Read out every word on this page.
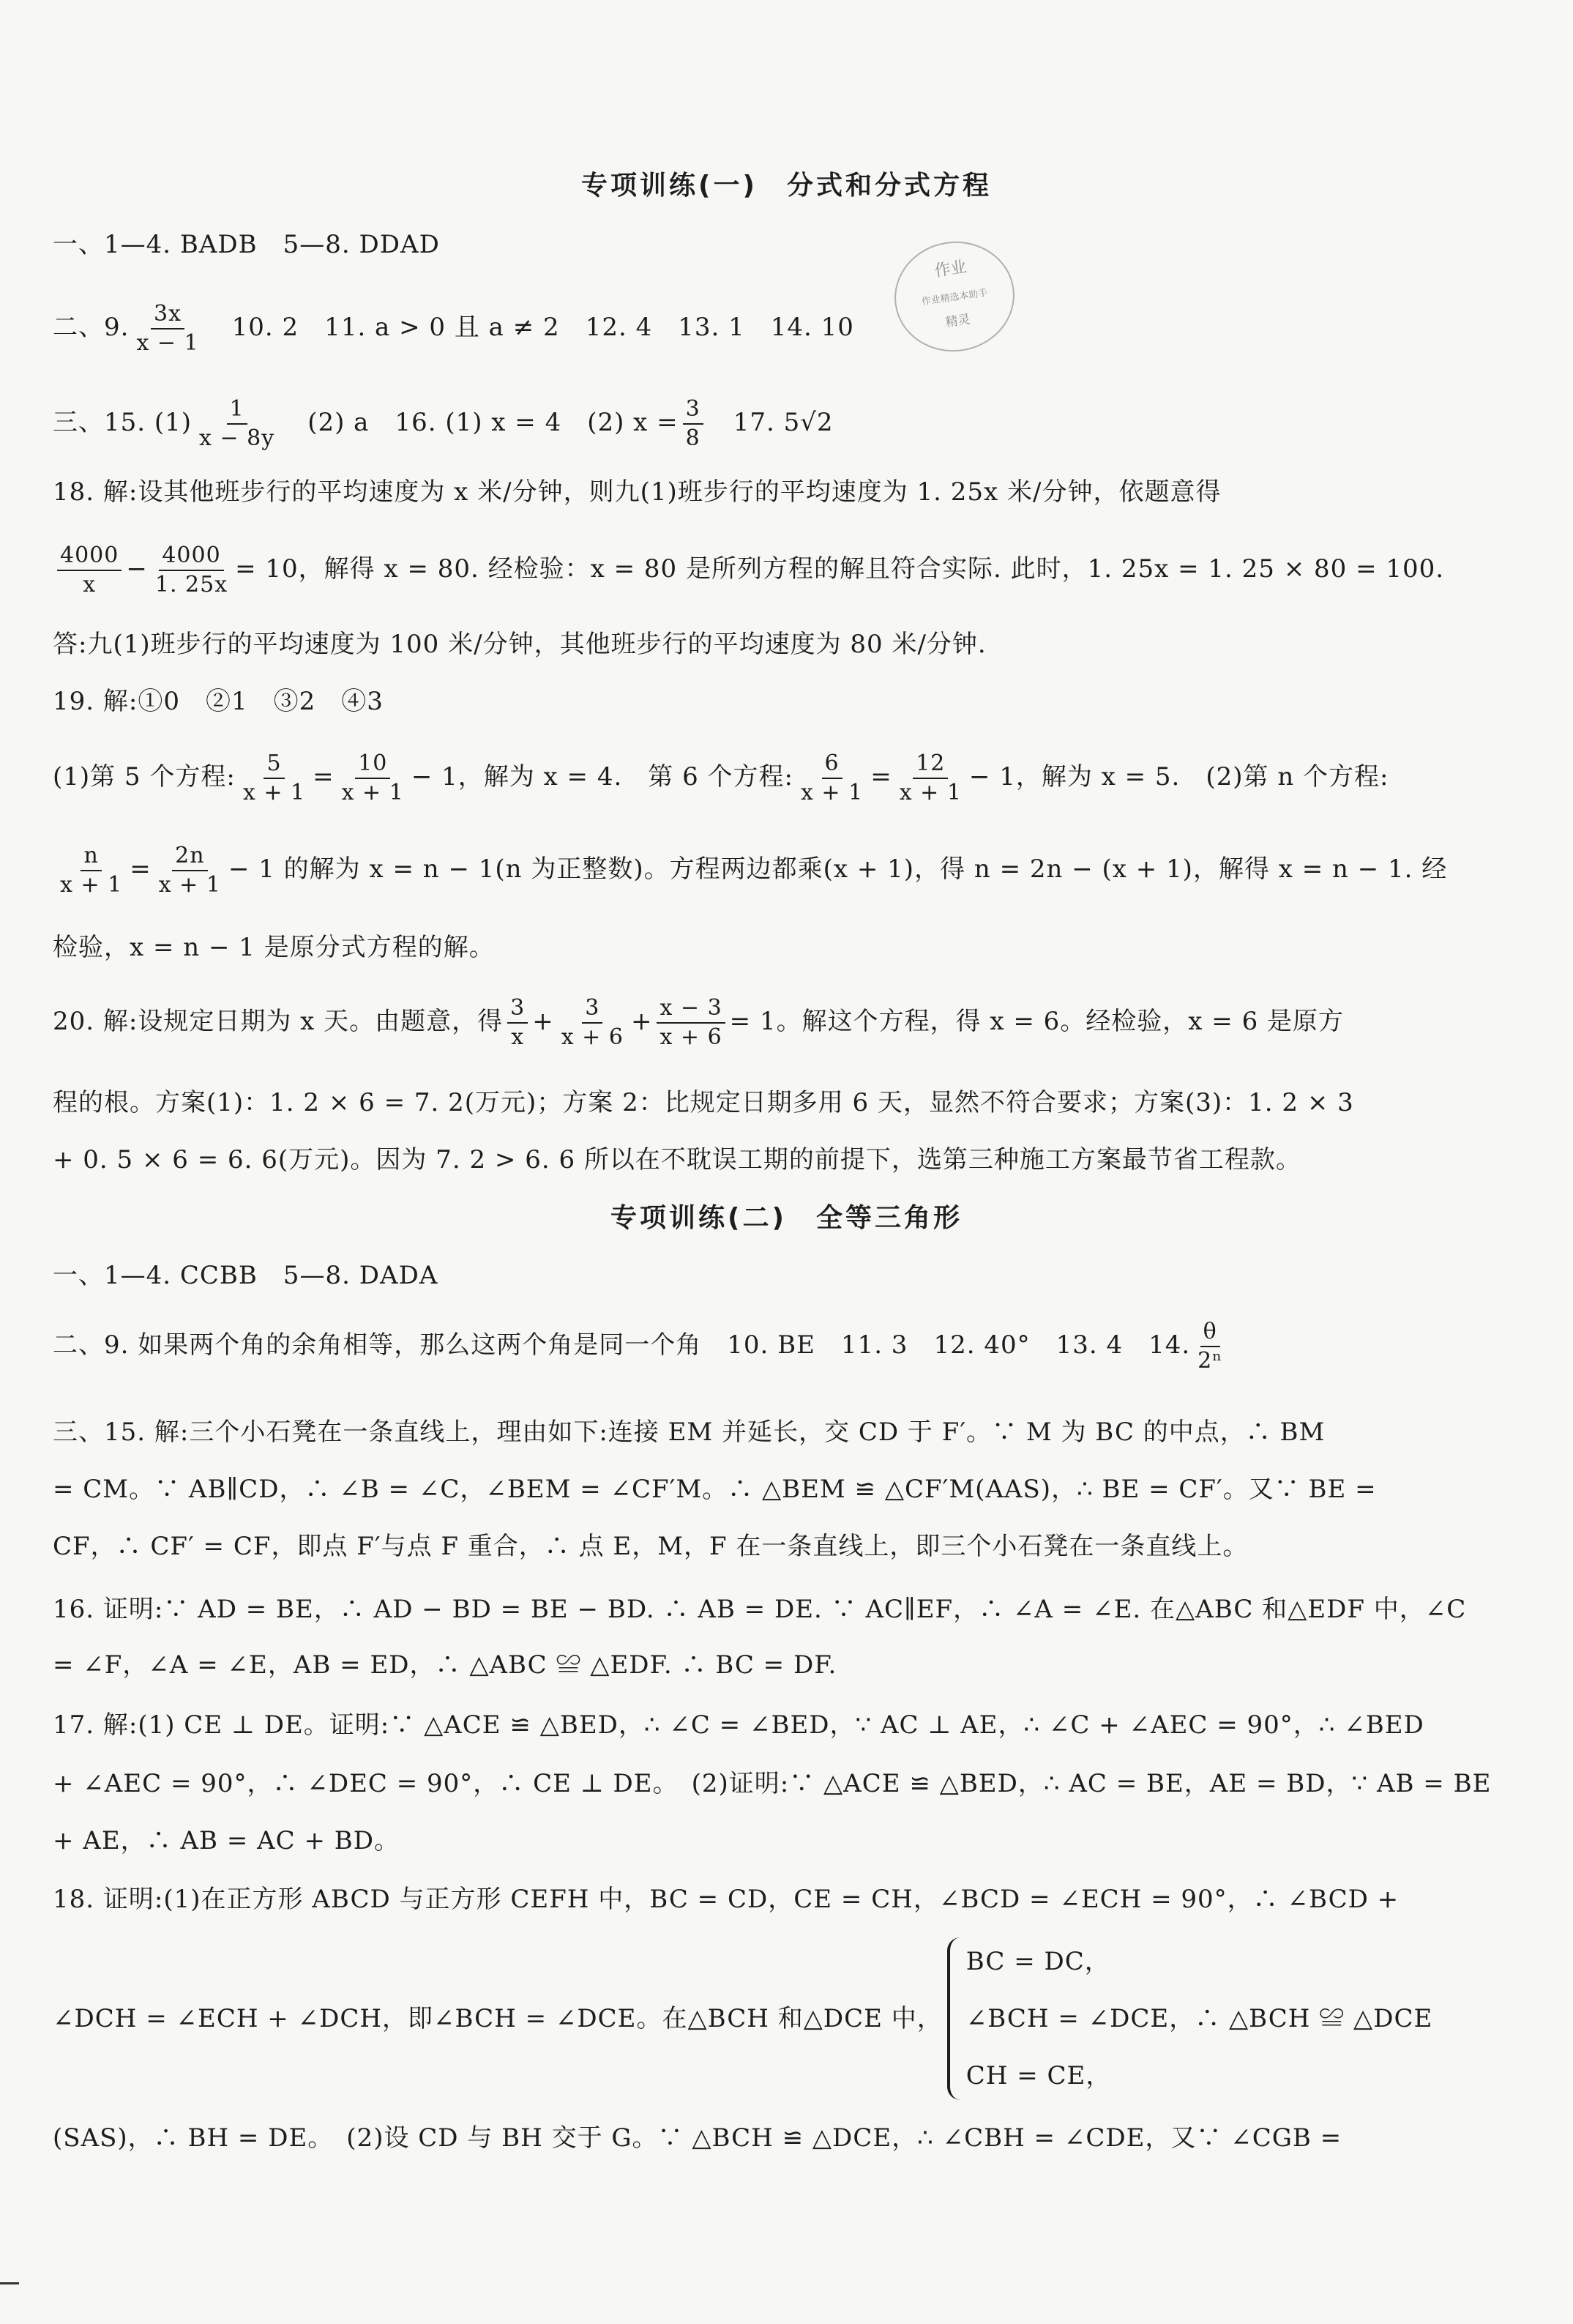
专项训练(一)　分式和分式方程
作业
作业精选本助手
精灵
一、1—4. BADB　5—8. DDAD
二、9. $\frac{3x}{x - 1}$ 　10. 2　11. a > 0 且 a ≠ 2　12. 4　13. 1　14. 10
三、15. $(1) \frac{1}{x - 8y}$ 　(2) a　16. (1) x = 4　(2) $x = \frac{3}{8}$ 　17. 5√2
18. 解:设其他班步行的平均速度为 x 米/分钟，则九(1)班步行的平均速度为 1. 25x 米/分钟，依题意得
$\frac{4000}{x} - \frac{4000}{1. 25x} = 10$，解得 x = 80. 经检验：x = 80 是所列方程的解且符合实际. 此时，1. 25x = 1. 25 × 80 = 100.
答:九(1)班步行的平均速度为 100 米/分钟，其他班步行的平均速度为 80 米/分钟.
19. 解:①0　②1　③2　④3
(1)第 5 个方程: $\frac{5}{x + 1} = \frac{10}{x + 1} - 1$，解为 x = 4.　第 6 个方程: $\frac{6}{x + 1} = \frac{12}{x + 1} - 1$，解为 x = 5.　(2)第 n 个方程:
$\frac{n}{x + 1} = \frac{2n}{x + 1} - 1$ 的解为 x = n − 1(n 为正整数)。方程两边都乘(x + 1)，得 n = 2n − (x + 1)，解得 x = n − 1. 经
检验，x = n − 1 是原分式方程的解。
20. 解:设规定日期为 x 天。由题意，得 $\frac{3}{x} + \frac{3}{x + 6} + \frac{x - 3}{x + 6} = 1$。解这个方程，得 x = 6。经检验，x = 6 是原方
程的根。方案(1)：1. 2 × 6 = 7. 2(万元)；方案 2：比规定日期多用 6 天，显然不符合要求；方案(3)：1. 2 × 3
+ 0. 5 × 6 = 6. 6(万元)。因为 7. 2 > 6. 6 所以在不耽误工期的前提下，选第三种施工方案最节省工程款。
专项训练(二)　全等三角形
一、1—4. CCBB　5—8. DADA
二、9. 如果两个角的余角相等，那么这两个角是同一个角　10. BE　11. 3　12. 40°　13. 4　14. $\frac{\theta}{\text{2ⁿ}}$
三、15. 解:三个小石凳在一条直线上，理由如下:连接 EM 并延长，交 CD 于 F′。∵ M 为 BC 的中点，∴ BM
= CM。∵ AB∥CD，∴ ∠B = ∠C，∠BEM = ∠CF′M。∴ △BEM ≌ △CF′M(AAS)，∴ BE = CF′。又∵ BE =
CF，∴ CF′ = CF，即点 F′与点 F 重合，∴ 点 E，M，F 在一条直线上，即三个小石凳在一条直线上。
16. 证明:∵ AD = BE，∴ AD − BD = BE − BD. ∴ AB = DE. ∵ AC∥EF，∴ ∠A = ∠E. 在△ABC 和△EDF 中，∠C
= ∠F，∠A = ∠E，AB = ED，∴ △ABC ≌ △EDF. ∴ BC = DF.
17. 解:(1) CE ⊥ DE。证明:∵ △ACE ≌ △BED，∴ ∠C = ∠BED，∵ AC ⊥ AE，∴ ∠C + ∠AEC = 90°，∴ ∠BED
+ ∠AEC = 90°，∴ ∠DEC = 90°，∴ CE ⊥ DE。　(2)证明:∵ △ACE ≌ △BED，∴ AC = BE，AE = BD，∵ AB = BE
+ AE，∴ AB = AC + BD。
18. 证明:(1)在正方形 ABCD 与正方形 CEFH 中，BC = CD，CE = CH，∠BCD = ∠ECH = 90°，∴ ∠BCD +
∠DCH = ∠ECH + ∠DCH，即∠BCH = ∠DCE。在△BCH 和△DCE 中，
BC = DC，
∠BCH = ∠DCE，∴ △BCH ≌ △DCE
CH = CE，
(SAS)，∴ BH = DE。　(2)设 CD 与 BH 交于 G。∵ △BCH ≌ △DCE，∴ ∠CBH = ∠CDE，又∵ ∠CGB =
